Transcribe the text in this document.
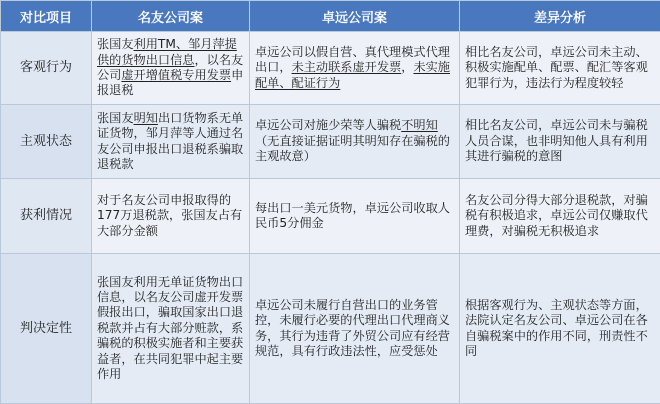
对比项目	名友公司案	卓远公司案	差异分析
客观行为	张国友利用TM、邹月萍提供的货物出口信息，以名友公司虚开增值税专用发票申报退税	卓远公司以假自营、真代理模式代理出口，未主动联系虚开发票，未实施配单、配证行为	相比名友公司，卓远公司未主动、积极实施配单、配票、配汇等客观犯罪行为，违法行为程度较轻
主观状态	张国友明知出口货物系无单证货物，邹月萍等人通过名友公司申报出口退税系骗取退税款	卓远公司对施少荣等人骗税不明知（无直接证据证明其明知存在骗税的主观故意）	相比名友公司，卓远公司未与骗税人员合谋，也非明知他人具有利用其进行骗税的意图
获利情况	对于名友公司申报取得的177万退税款，张国友占有大部分金额	每出口一美元货物，卓远公司收取人民币5分佣金	名友公司分得大部分退税款，对骗税有积极追求，卓远公司仅赚取代理费，对骗税无积极追求
判决定性	张国友利用无单证货物出口信息，以名友公司虚开发票假报出口，骗取国家出口退税款并占有大部分赃款，系骗税的积极实施者和主要获益者，在共同犯罪中起主要作用	卓远公司未履行自营出口的业务管控，未履行必要的代理出口代理商义务，其行为违背了外贸公司应有经营规范，具有行政违法性，应受惩处	根据客观行为、主观状态等方面，法院认定名友公司、卓远公司在各自骗税案中的作用不同，刑责性不同
